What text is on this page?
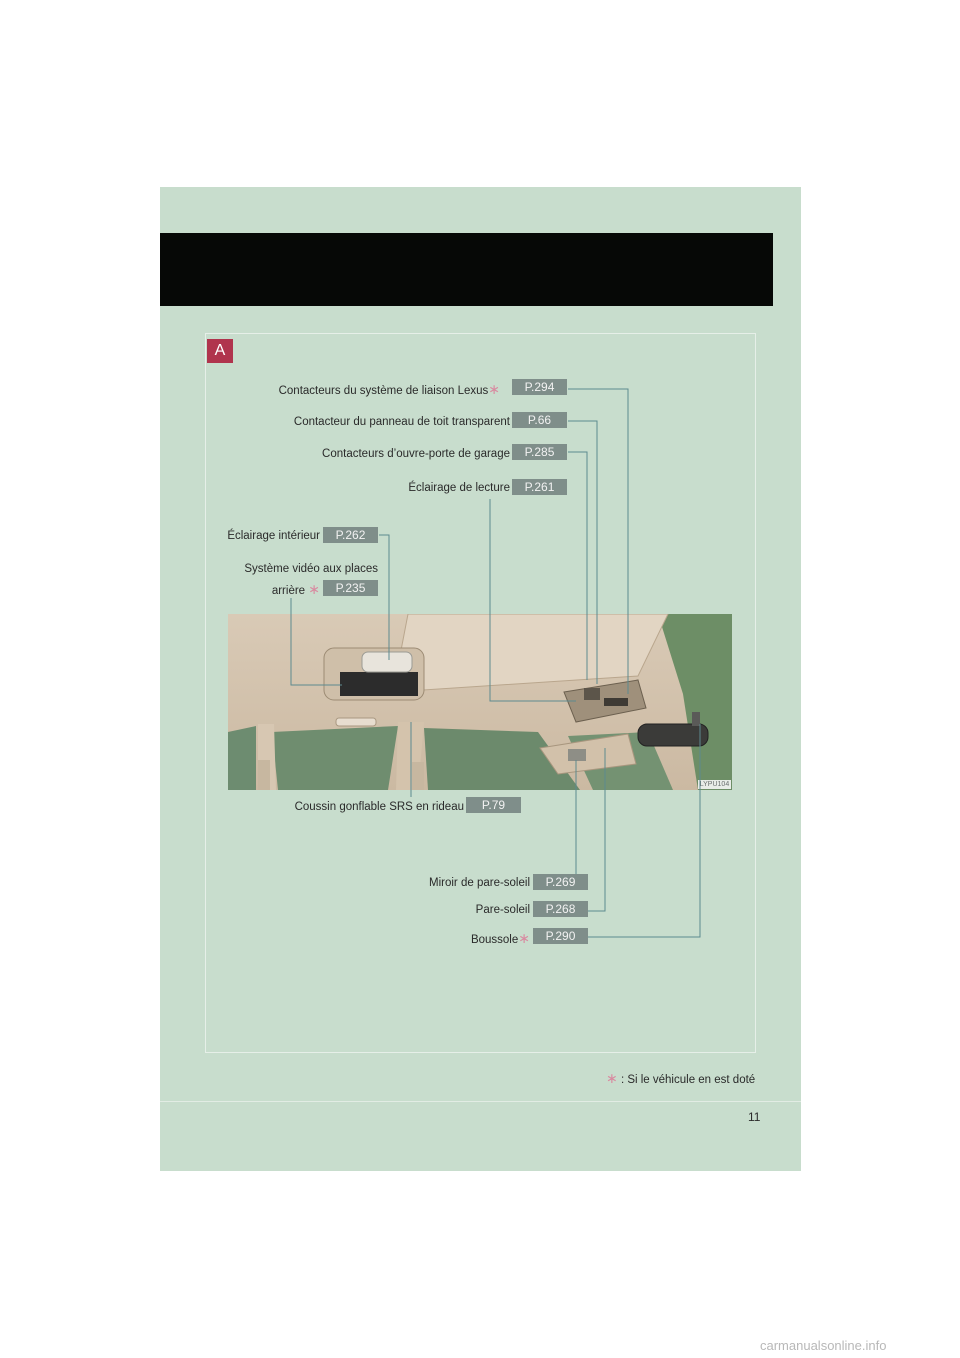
A
LYPU104
Contacteurs du système de liaison Lexus∗	P.294
Contacteur du panneau de toit transparent	P.66
Contacteurs d’ouvre-porte de garage	P.285
Éclairage de lecture	P.261
Éclairage intérieur	P.262
Système vidéo aux places
arrière ∗	P.235
Coussin gonflable SRS en rideau	P.79
Miroir de pare-soleil	P.269
Pare-soleil	P.268
Boussole∗	P.290
∗ : Si le véhicule en est doté
11
carmanualsonline.info
